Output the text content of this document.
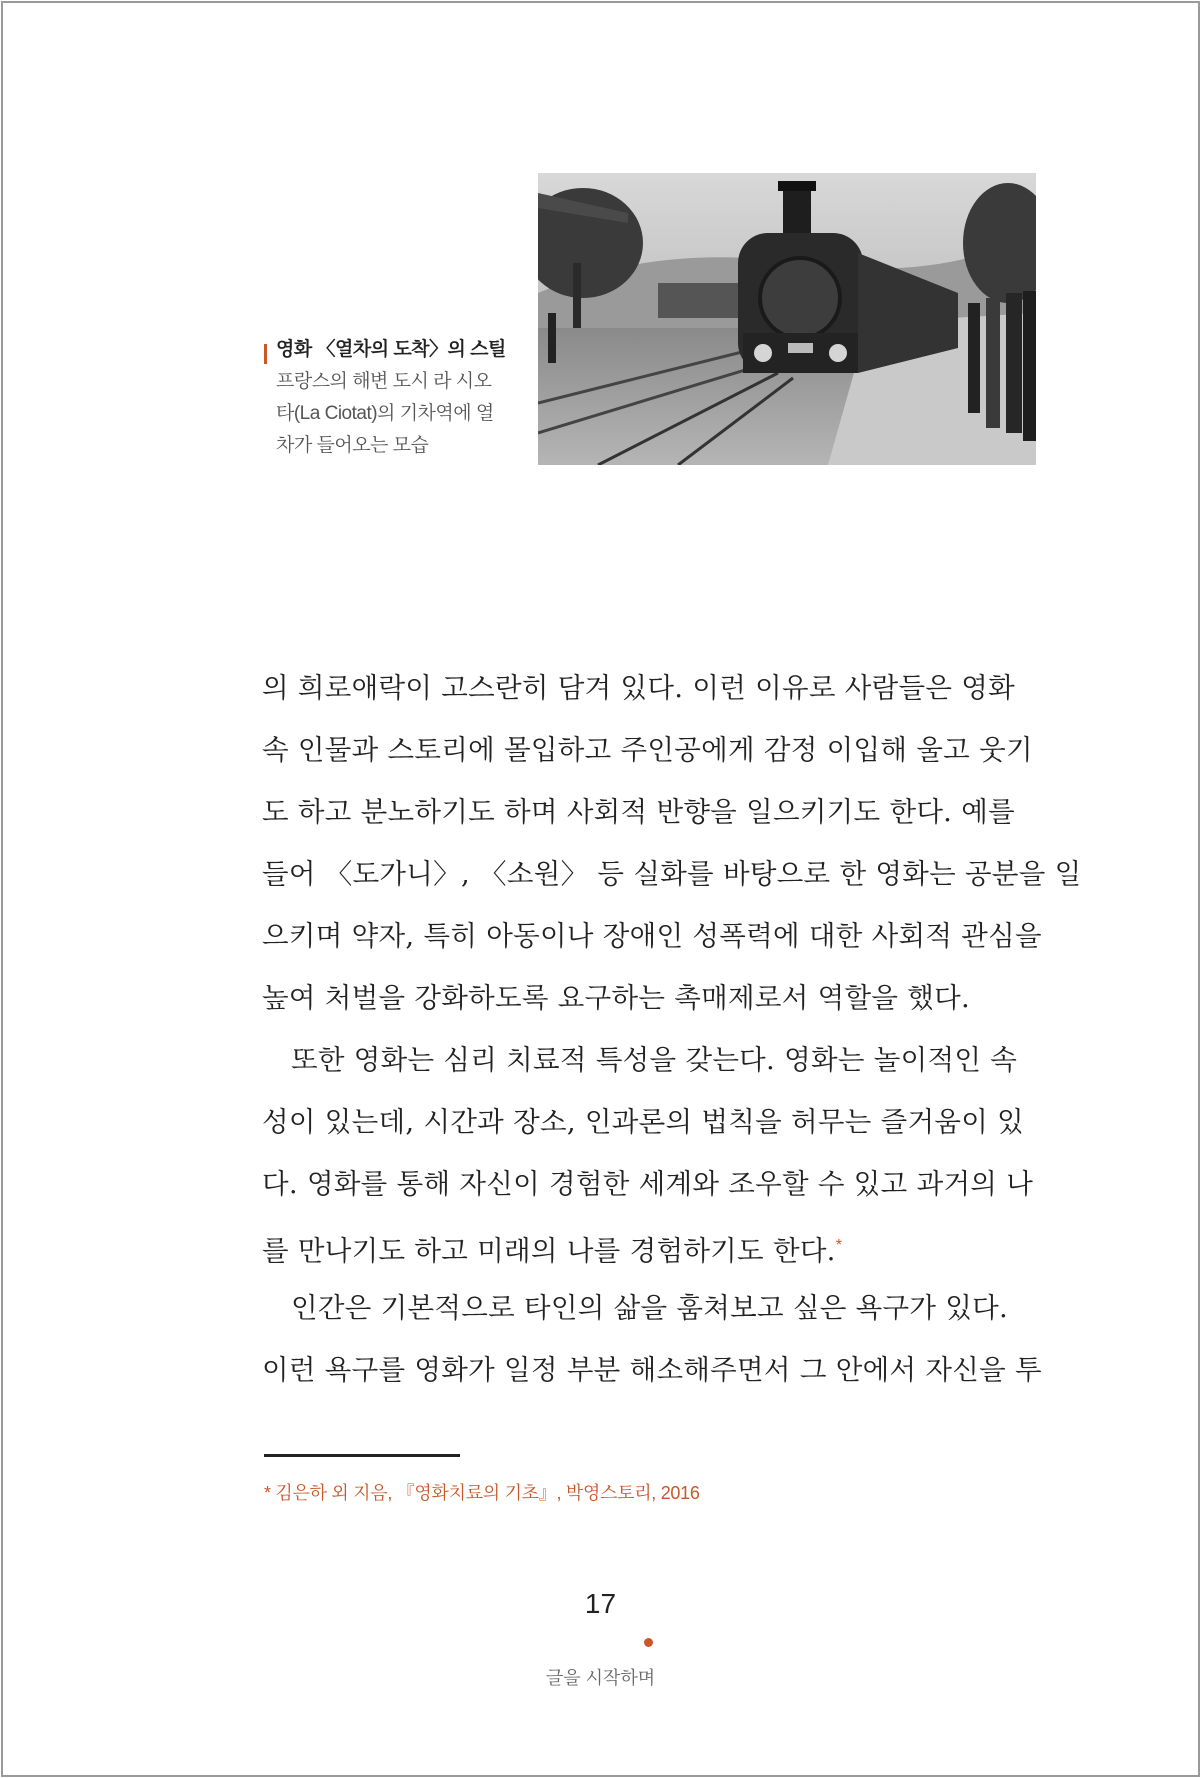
영화 〈열차의 도착〉의 스틸
프랑스의 해변 도시 라 시오
타(La Ciotat)의 기차역에 열
차가 들어오는 모습
의 희로애락이 고스란히 담겨 있다. 이런 이유로 사람들은 영화
속 인물과 스토리에 몰입하고 주인공에게 감정 이입해 울고 웃기
도 하고 분노하기도 하며 사회적 반향을 일으키기도 한다. 예를
들어 〈도가니〉, 〈소원〉 등 실화를 바탕으로 한 영화는 공분을 일
으키며 약자, 특히 아동이나 장애인 성폭력에 대한 사회적 관심을
높여 처벌을 강화하도록 요구하는 촉매제로서 역할을 했다.
또한 영화는 심리 치료적 특성을 갖는다. 영화는 놀이적인 속
성이 있는데, 시간과 장소, 인과론의 법칙을 허무는 즐거움이 있
다. 영화를 통해 자신이 경험한 세계와 조우할 수 있고 과거의 나
를 만나기도 하고 미래의 나를 경험하기도 한다.*
인간은 기본적으로 타인의 삶을 훔쳐보고 싶은 욕구가 있다.
이런 욕구를 영화가 일정 부분 해소해주면서 그 안에서 자신을 투
* 김은하 외 지음, 『영화치료의 기초』, 박영스토리, 2016
17
글을 시작하며
